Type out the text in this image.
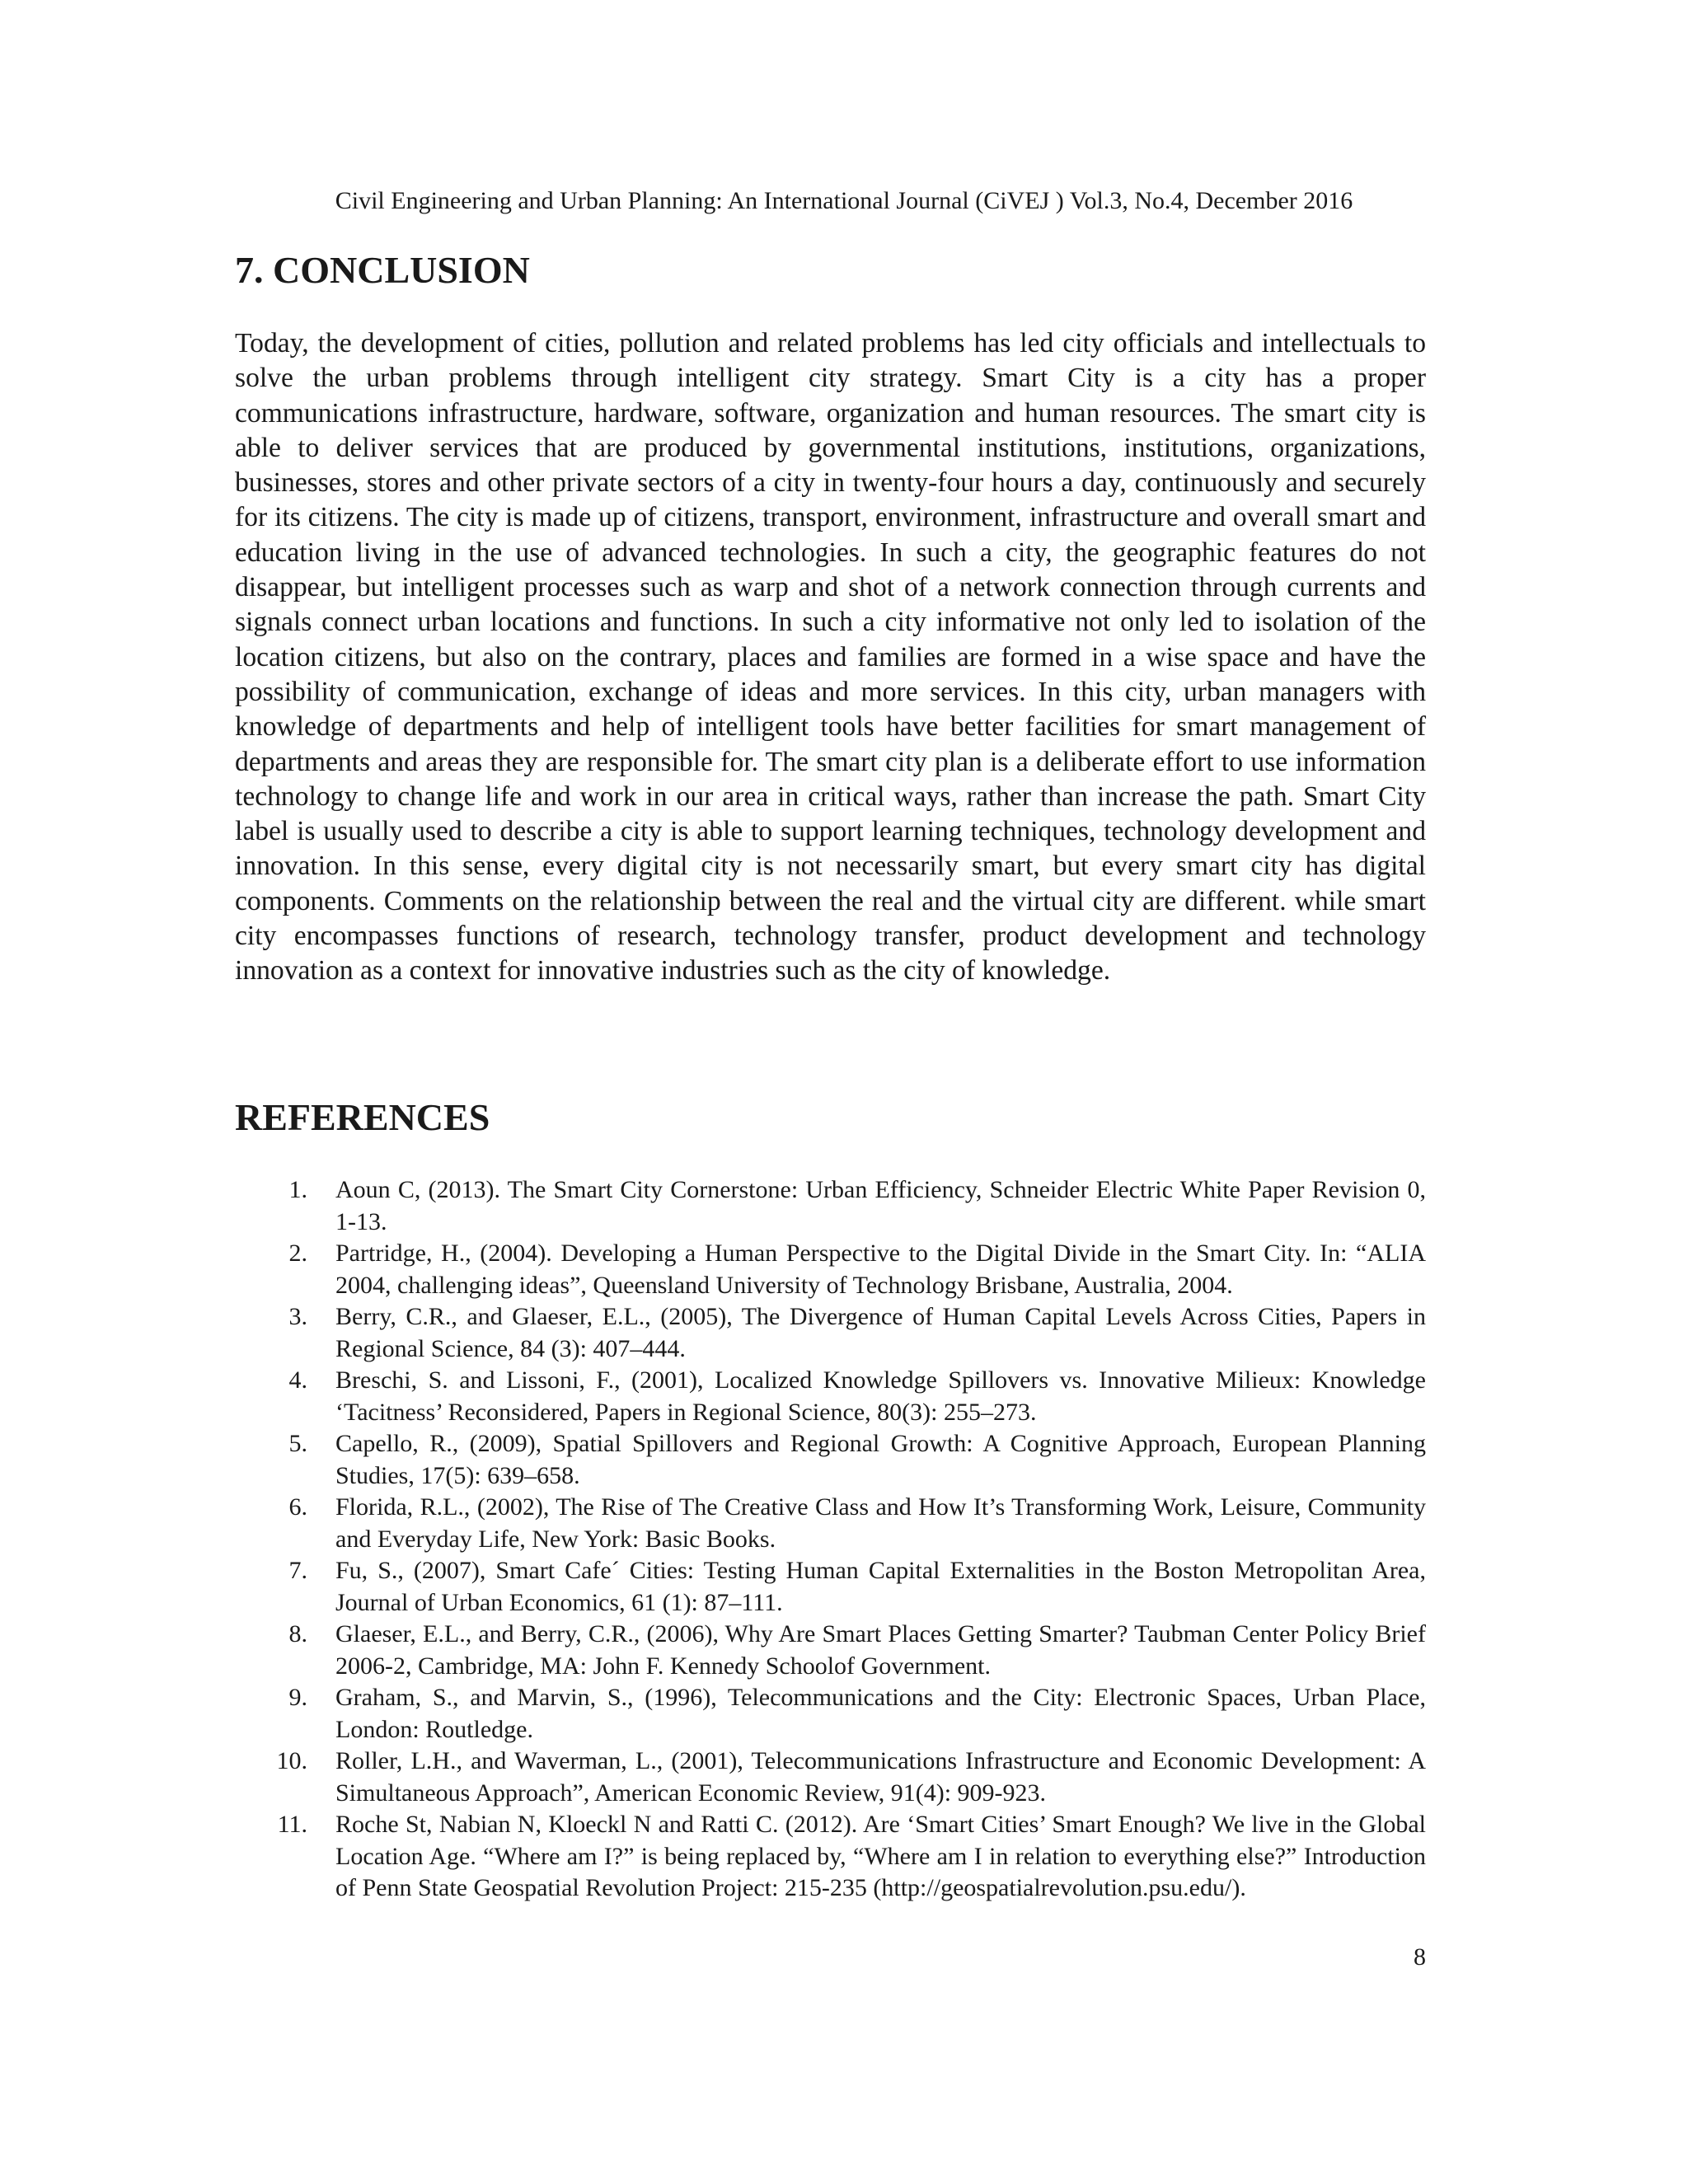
Civil Engineering and Urban Planning: An International Journal (CiVEJ ) Vol.3, No.4, December 2016
7. CONCLUSION

Today, the development of cities, pollution and related problems has led city officials and intellectuals to solve the urban problems through intelligent city strategy. Smart City is a city has a proper communications infrastructure, hardware, software, organization and human resources. The smart city is able to deliver services that are produced by governmental institutions, institutions, organizations, businesses, stores and other private sectors of a city in twenty-four hours a day, continuously and securely for its citizens. The city is made up of citizens, transport, environment, infrastructure and overall smart and education living in the use of advanced technologies. In such a city, the geographic features do not disappear, but intelligent processes such as warp and shot of a network connection through currents and signals connect urban locations and functions. In such a city informative not only led to isolation of the location citizens, but also on the contrary, places and families are formed in a wise space and have the possibility of communication, exchange of ideas and more services. In this city, urban managers with knowledge of departments and help of intelligent tools have better facilities for smart management of departments and areas they are responsible for. The smart city plan is a deliberate effort to use information technology to change life and work in our area in critical ways, rather than increase the path. Smart City label is usually used to describe a city is able to support learning techniques, technology development and innovation. In this sense, every digital city is not necessarily smart, but every smart city has digital components. Comments on the relationship between the real and the virtual city are different. while smart city encompasses functions of research, technology transfer, product development and technology innovation as a context for innovative industries such as the city of knowledge.

REFERENCES
1. Aoun C, (2013). The Smart City Cornerstone: Urban Efficiency, Schneider Electric White Paper Revision 0, 1-13.
2. Partridge, H., (2004). Developing a Human Perspective to the Digital Divide in the Smart City. In: “ALIA 2004, challenging ideas”, Queensland University of Technology Brisbane, Australia, 2004.
3. Berry, C.R., and Glaeser, E.L., (2005), The Divergence of Human Capital Levels Across Cities, Papers in Regional Science, 84 (3): 407–444.
4. Breschi, S. and Lissoni, F., (2001), Localized Knowledge Spillovers vs. Innovative Milieux: Knowledge ‘Tacitness’ Reconsidered, Papers in Regional Science, 80(3): 255–273.
5. Capello, R., (2009), Spatial Spillovers and Regional Growth: A Cognitive Approach, European Planning Studies, 17(5): 639–658.
6. Florida, R.L., (2002), The Rise of The Creative Class and How It’s Transforming Work, Leisure, Community and Everyday Life, New York: Basic Books.
7. Fu, S., (2007), Smart Cafe´ Cities: Testing Human Capital Externalities in the Boston Metropolitan Area, Journal of Urban Economics, 61 (1): 87–111.
8. Glaeser, E.L., and Berry, C.R., (2006), Why Are Smart Places Getting Smarter? Taubman Center Policy Brief 2006-2, Cambridge, MA: John F. Kennedy Schoolof Government.
9. Graham, S., and Marvin, S., (1996), Telecommunications and the City: Electronic Spaces, Urban Place, London: Routledge.
10. Roller, L.H., and Waverman, L., (2001), Telecommunications Infrastructure and Economic Development: A Simultaneous Approach”, American Economic Review, 91(4): 909-923.
11. Roche St, Nabian N, Kloeckl N and Ratti C. (2012). Are ‘Smart Cities’ Smart Enough? We live in the Global Location Age. “Where am I?” is being replaced by, “Where am I in relation to everything else?” Introduction of Penn State Geospatial Revolution Project: 215-235 (http://geospatialrevolution.psu.edu/).
8
